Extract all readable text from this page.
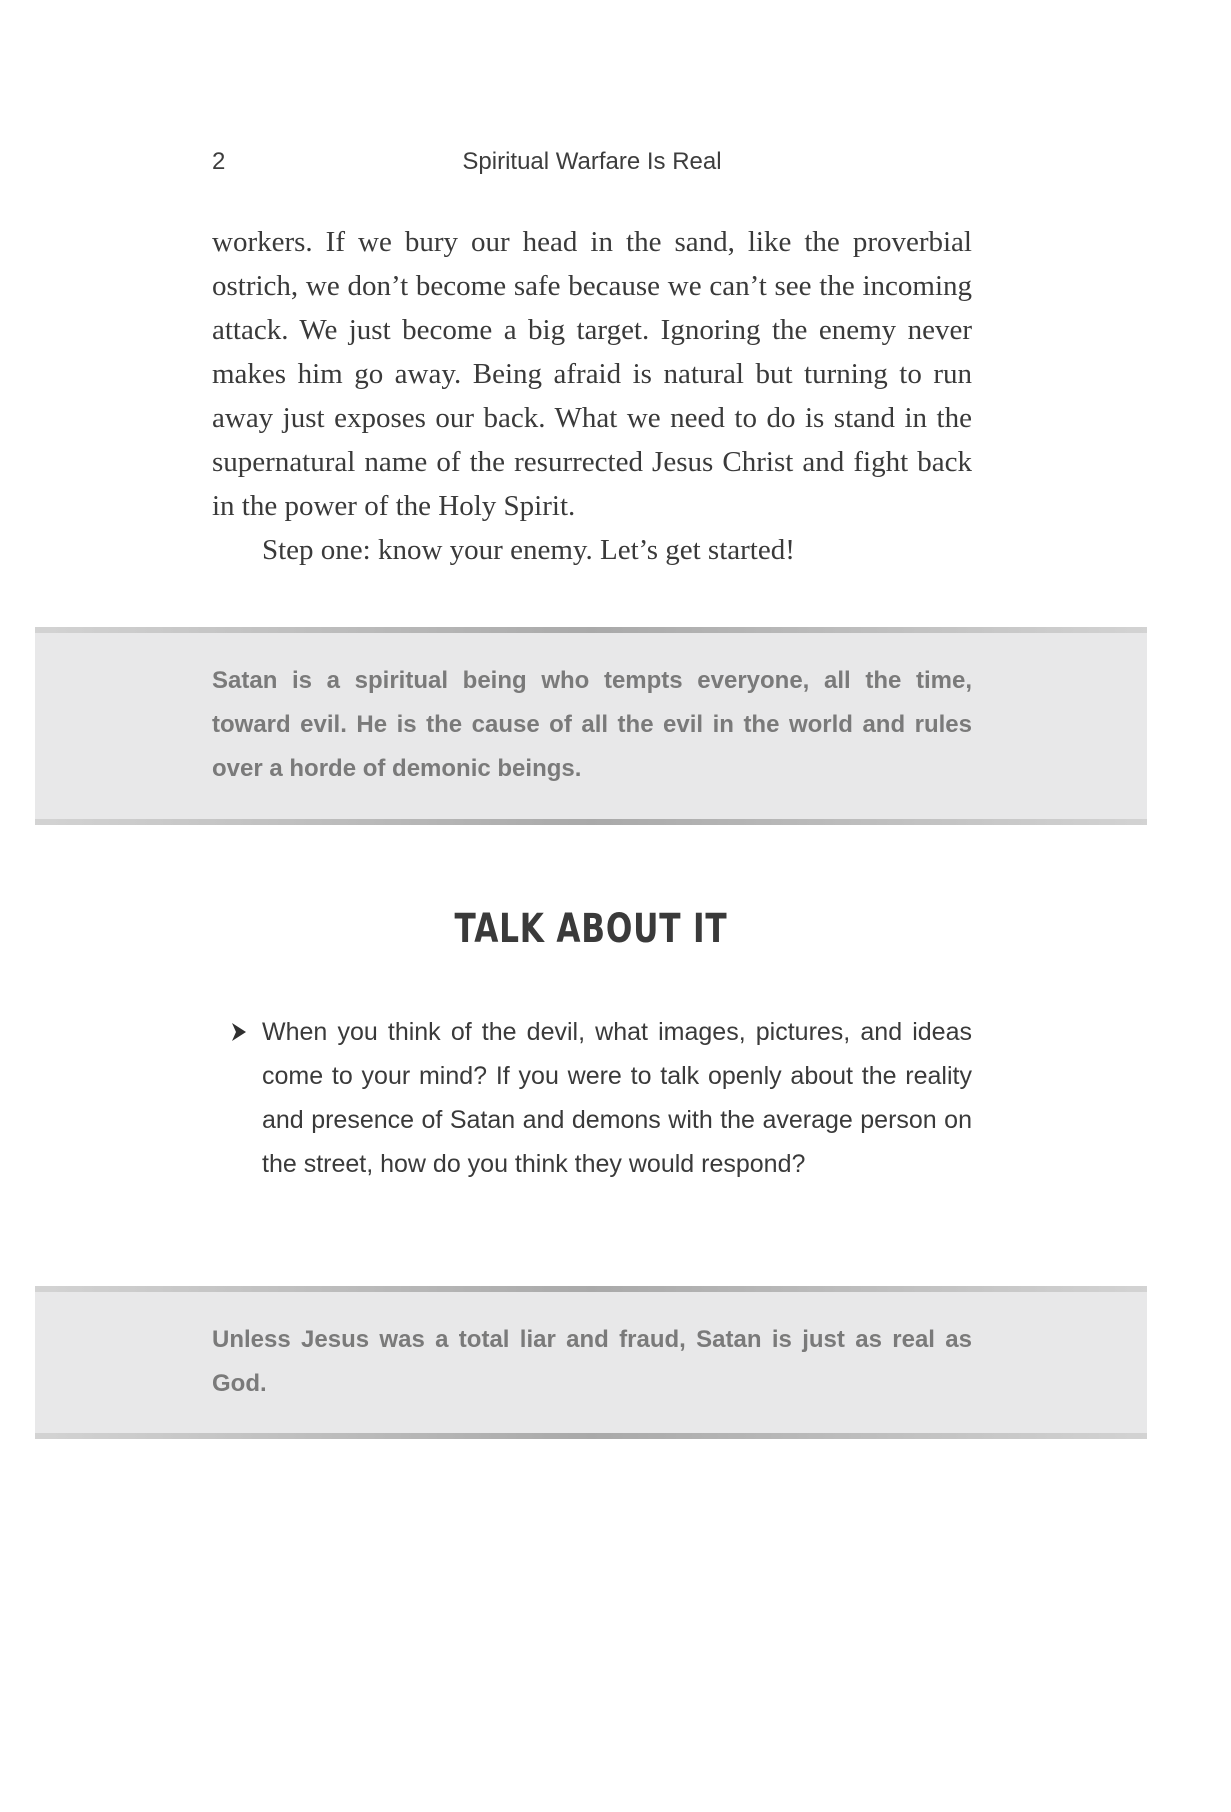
2	Spiritual Warfare Is Real

workers. If we bury our head in the sand, like the proverbial ostrich, we don’t become safe because we can’t see the incoming attack. We just become a big target. Ignoring the enemy never makes him go away. Being afraid is natural but turning to run away just exposes our back. What we need to do is stand in the supernatural name of the resurrected Jesus Christ and fight back in the power of the Holy Spirit.

Step one: know your enemy. Let’s get started!

Satan is a spiritual being who tempts everyone, all the time, toward evil. He is the cause of all the evil in the world and rules over a horde of demonic beings.
TALK ABOUT IT
When you think of the devil, what images, pictures, and ideas come to your mind? If you were to talk openly about the reality and presence of Satan and demons with the average person on the street, how do you think they would respond?
Unless Jesus was a total liar and fraud, Satan is just as real as God.
